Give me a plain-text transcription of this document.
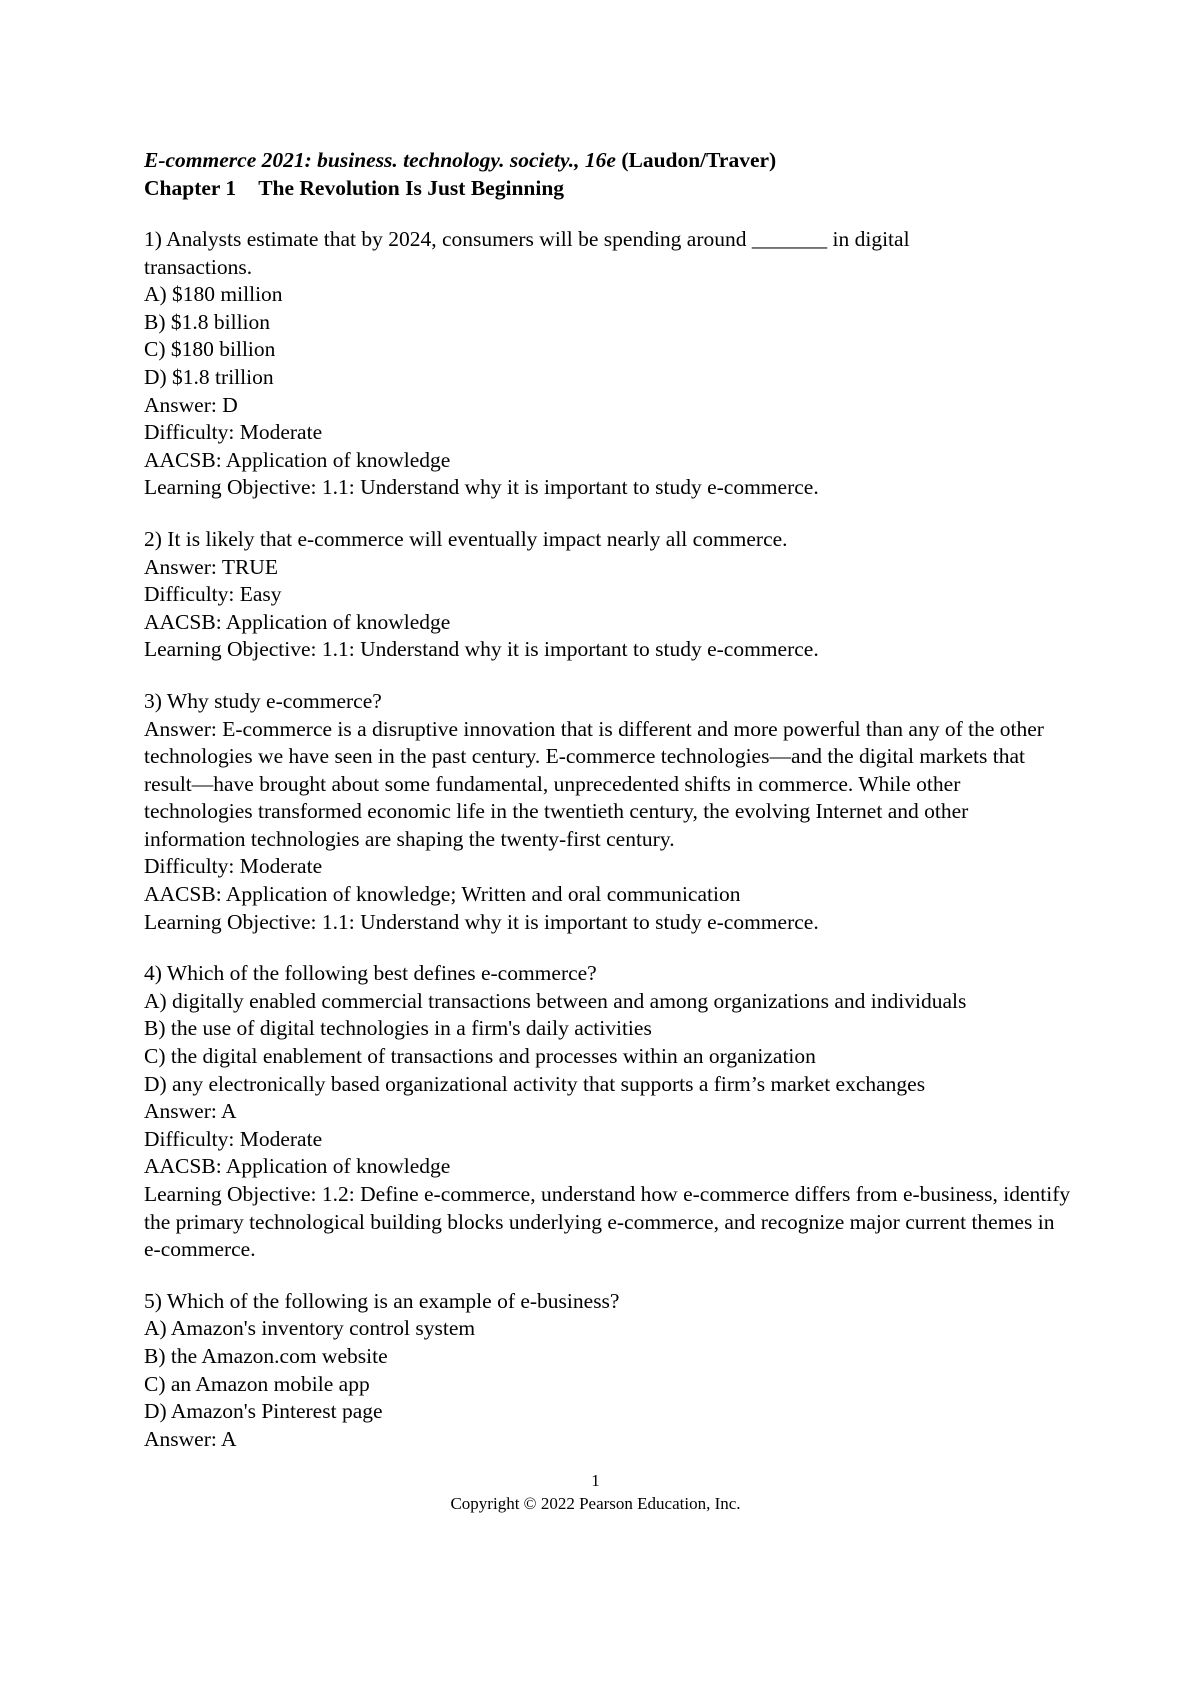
E-commerce 2021: business. technology. society., 16e (Laudon/Traver)
Chapter 1 The Revolution Is Just Beginning
1) Analysts estimate that by 2024, consumers will be spending around _______ in digital
transactions.
A) $180 million
B) $1.8 billion
C) $180 billion
D) $1.8 trillion
Answer: D
Difficulty: Moderate
AACSB: Application of knowledge
Learning Objective: 1.1: Understand why it is important to study e-commerce.
2) It is likely that e-commerce will eventually impact nearly all commerce.
Answer: TRUE
Difficulty: Easy
AACSB: Application of knowledge
Learning Objective: 1.1: Understand why it is important to study e-commerce.
3) Why study e-commerce?
Answer: E-commerce is a disruptive innovation that is different and more powerful than any of the other technologies we have seen in the past century. E-commerce technologies—and the digital markets that result—have brought about some fundamental, unprecedented shifts in commerce. While other technologies transformed economic life in the twentieth century, the evolving Internet and other information technologies are shaping the twenty-first century.
Difficulty: Moderate
AACSB: Application of knowledge; Written and oral communication
Learning Objective: 1.1: Understand why it is important to study e-commerce.
4) Which of the following best defines e-commerce?
A) digitally enabled commercial transactions between and among organizations and individuals
B) the use of digital technologies in a firm's daily activities
C) the digital enablement of transactions and processes within an organization
D) any electronically based organizational activity that supports a firm’s market exchanges
Answer: A
Difficulty: Moderate
AACSB: Application of knowledge
Learning Objective: 1.2: Define e-commerce, understand how e-commerce differs from e-business, identify the primary technological building blocks underlying e-commerce, and recognize major current themes in e-commerce.
5) Which of the following is an example of e-business?
A) Amazon's inventory control system
B) the Amazon.com website
C) an Amazon mobile app
D) Amazon's Pinterest page
Answer: A
1
Copyright © 2022 Pearson Education, Inc.
